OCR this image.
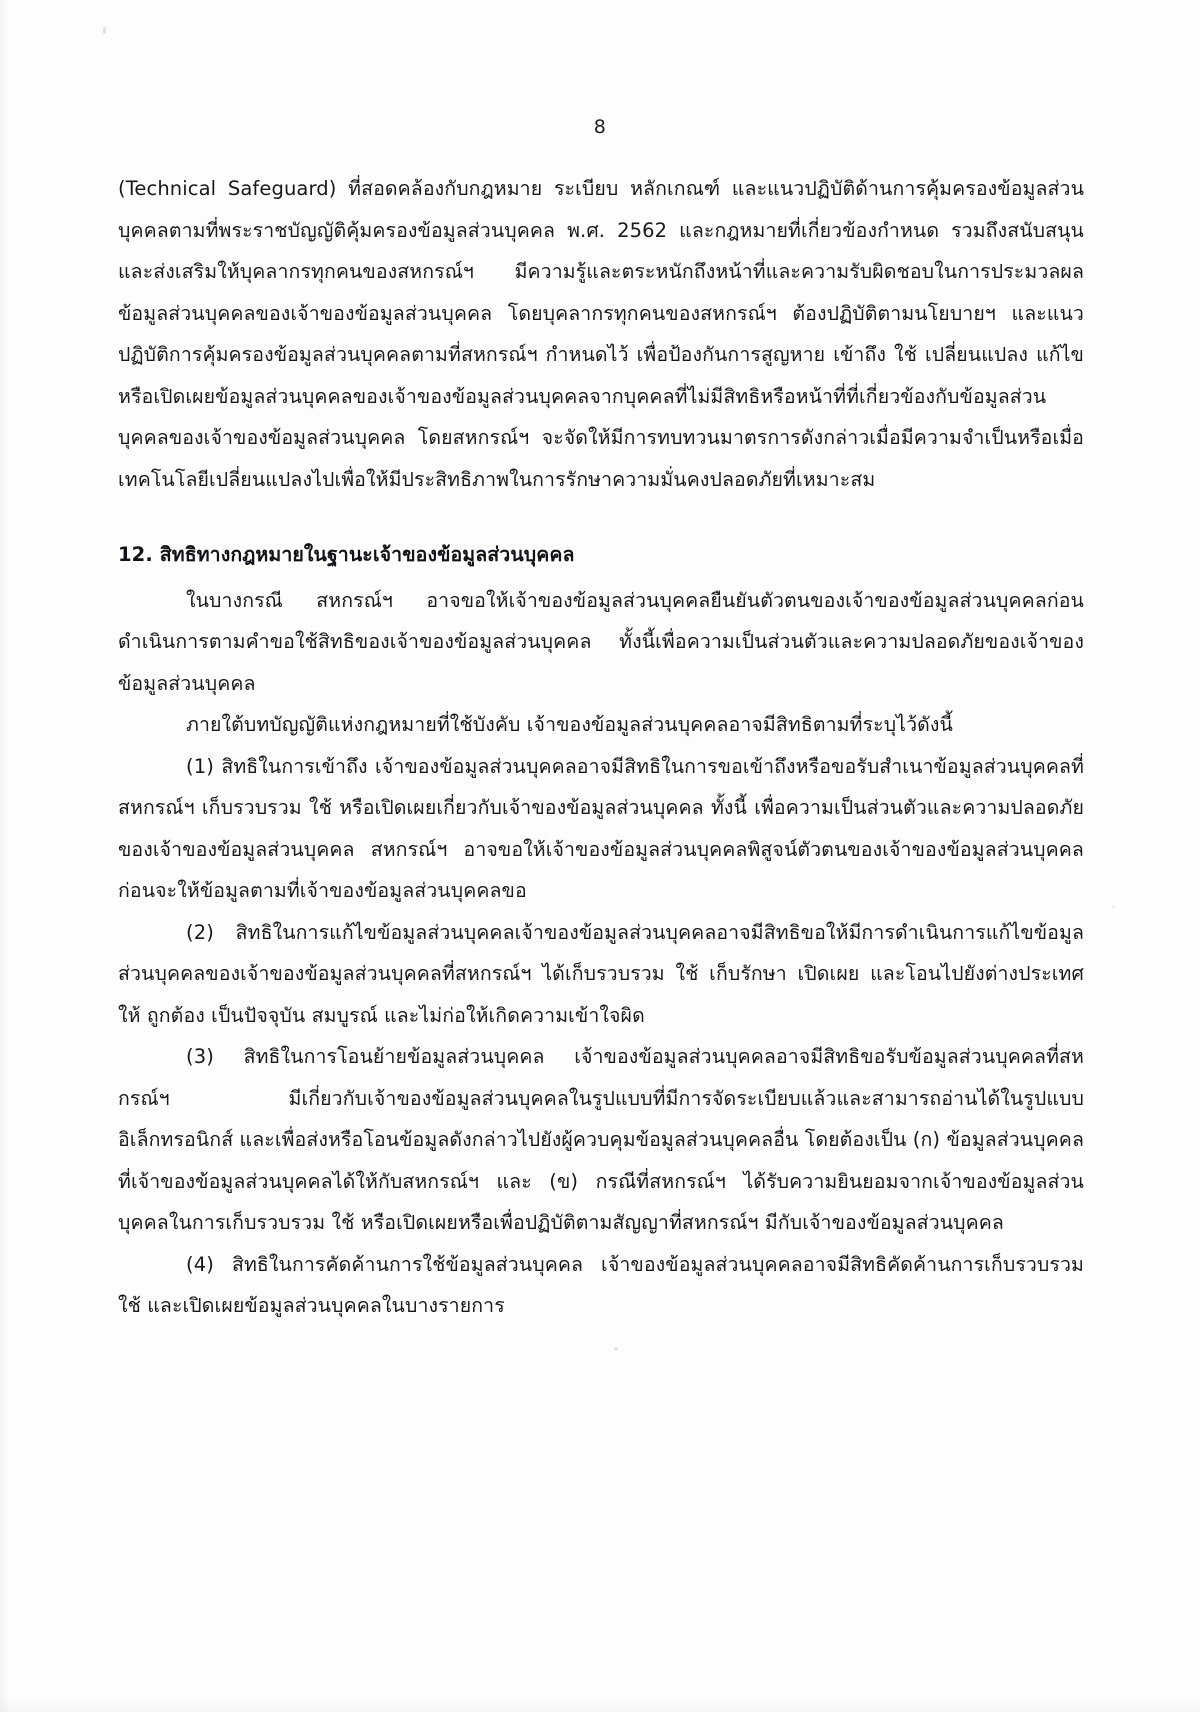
8

(Technical Safeguard) ที่สอดคล้องกับกฎหมาย ระเบียบ หลักเกณฑ์ และแนวปฏิบัติด้านการคุ้มครองข้อมูลส่วนบุคคลตามที่พระราชบัญญัติคุ้มครองข้อมูลส่วนบุคคล พ.ศ. 2562 และกฎหมายที่เกี่ยวข้องกำหนด รวมถึงสนับสนุนและส่งเสริมให้บุคลากรทุกคนของสหกรณ์ฯ มีความรู้และตระหนักถึงหน้าที่และความรับผิดชอบในการประมวลผลข้อมูลส่วนบุคคลของเจ้าของข้อมูลส่วนบุคคล โดยบุคลากรทุกคนของสหกรณ์ฯ ต้องปฏิบัติตามนโยบายฯ และแนวปฏิบัติการคุ้มครองข้อมูลส่วนบุคคลตามที่สหกรณ์ฯ กำหนดไว้ เพื่อป้องกันการสูญหาย เข้าถึง ใช้ เปลี่ยนแปลง แก้ไข หรือเปิดเผยข้อมูลส่วนบุคคลของเจ้าของข้อมูลส่วนบุคคลจากบุคคลที่ไม่มีสิทธิหรือหน้าที่ที่เกี่ยวข้องกับข้อมูลส่วนบุคคลของเจ้าของข้อมูลส่วนบุคคล โดยสหกรณ์ฯ จะจัดให้มีการทบทวนมาตรการดังกล่าวเมื่อมีความจำเป็นหรือเมื่อเทคโนโลยีเปลี่ยนแปลงไปเพื่อให้มีประสิทธิภาพในการรักษาความมั่นคงปลอดภัยที่เหมาะสม

12. สิทธิทางกฎหมายในฐานะเจ้าของข้อมูลส่วนบุคคล

ในบางกรณี สหกรณ์ฯ อาจขอให้เจ้าของข้อมูลส่วนบุคคลยืนยันตัวตนของเจ้าของข้อมูลส่วนบุคคลก่อนดำเนินการตามคำขอใช้สิทธิของเจ้าของข้อมูลส่วนบุคคล ทั้งนี้เพื่อความเป็นส่วนตัวและความปลอดภัยของเจ้าของข้อมูลส่วนบุคคล

ภายใต้บทบัญญัติแห่งกฎหมายที่ใช้บังคับ เจ้าของข้อมูลส่วนบุคคลอาจมีสิทธิตามที่ระบุไว้ดังนี้

(1) สิทธิในการเข้าถึง เจ้าของข้อมูลส่วนบุคคลอาจมีสิทธิในการขอเข้าถึงหรือขอรับสำเนาข้อมูลส่วนบุคคลที่สหกรณ์ฯ เก็บรวบรวม ใช้ หรือเปิดเผยเกี่ยวกับเจ้าของข้อมูลส่วนบุคคล ทั้งนี้ เพื่อความเป็นส่วนตัวและความปลอดภัยของเจ้าของข้อมูลส่วนบุคคล สหกรณ์ฯ อาจขอให้เจ้าของข้อมูลส่วนบุคคลพิสูจน์ตัวตนของเจ้าของข้อมูลส่วนบุคคลก่อนจะให้ข้อมูลตามที่เจ้าของข้อมูลส่วนบุคคลขอ

(2) สิทธิในการแก้ไขข้อมูลส่วนบุคคลเจ้าของข้อมูลส่วนบุคคลอาจมีสิทธิขอให้มีการดำเนินการแก้ไขข้อมูลส่วนบุคคลของเจ้าของข้อมูลส่วนบุคคลที่สหกรณ์ฯ ได้เก็บรวบรวม ใช้ เก็บรักษา เปิดเผย และโอนไปยังต่างประเทศให้ ถูกต้อง เป็นปัจจุบัน สมบูรณ์ และไม่ก่อให้เกิดความเข้าใจผิด

(3) สิทธิในการโอนย้ายข้อมูลส่วนบุคคล เจ้าของข้อมูลส่วนบุคคลอาจมีสิทธิขอรับข้อมูลส่วนบุคคลที่สหกรณ์ฯ มีเกี่ยวกับเจ้าของข้อมูลส่วนบุคคลในรูปแบบที่มีการจัดระเบียบแล้วและสามารถอ่านได้ในรูปแบบอิเล็กทรอนิกส์ และเพื่อส่งหรือโอนข้อมูลดังกล่าวไปยังผู้ควบคุมข้อมูลส่วนบุคคลอื่น โดยต้องเป็น (ก) ข้อมูลส่วนบุคคลที่เจ้าของข้อมูลส่วนบุคคลได้ให้กับสหกรณ์ฯ และ (ข) กรณีที่สหกรณ์ฯ ได้รับความยินยอมจากเจ้าของข้อมูลส่วนบุคคลในการเก็บรวบรวม ใช้ หรือเปิดเผยหรือเพื่อปฏิบัติตามสัญญาที่สหกรณ์ฯ มีกับเจ้าของข้อมูลส่วนบุคคล

(4) สิทธิในการคัดค้านการใช้ข้อมูลส่วนบุคคล เจ้าของข้อมูลส่วนบุคคลอาจมีสิทธิคัดค้านการเก็บรวบรวม ใช้ และเปิดเผยข้อมูลส่วนบุคคลในบางรายการ
